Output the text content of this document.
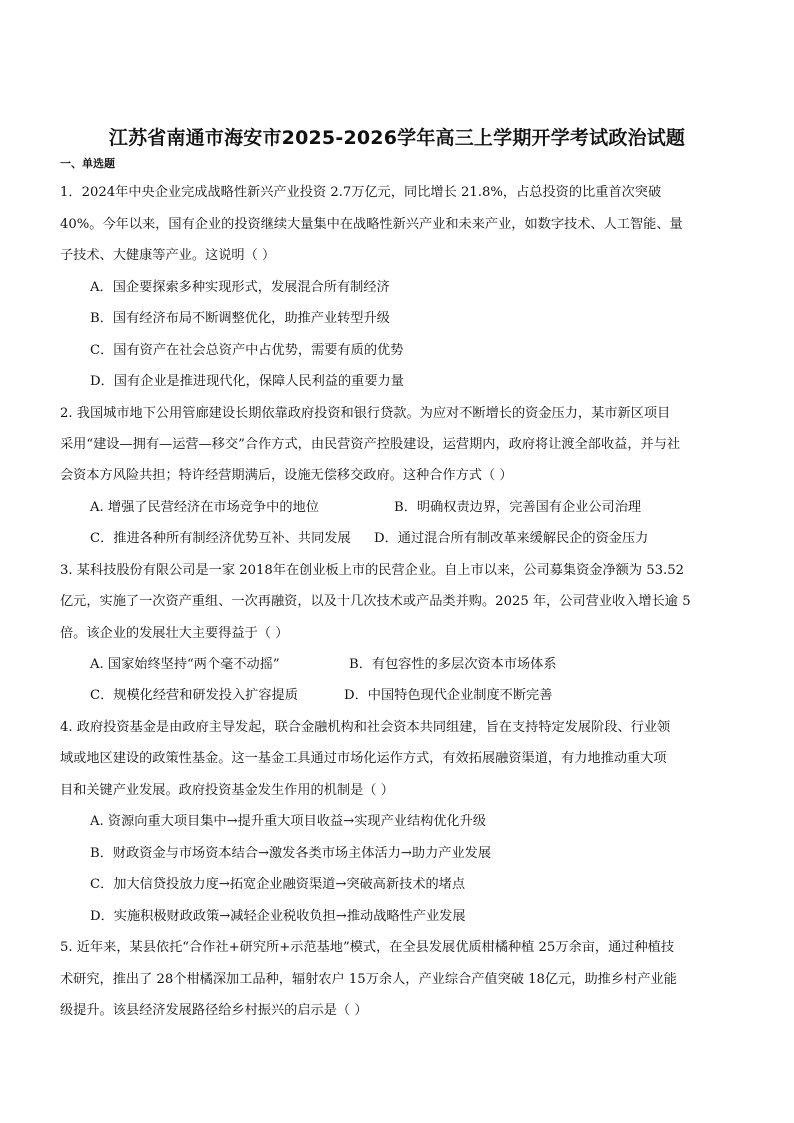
江苏省南通市海安市2025-2026学年高三上学期开学考试政治试题
一、单选题
1．2024年中央企业完成战略性新兴产业投资 2.7万亿元，同比增长 21.8%，占总投资的比重首次突破
40%。今年以来，国有企业的投资继续大量集中在战略性新兴产业和未来产业，如数字技术、人工智能、量
子技术、大健康等产业。这说明（ ）
A．国企要探索多种实现形式，发展混合所有制经济
B．国有经济布局不断调整优化，助推产业转型升级
C．国有资产在社会总资产中占优势，需要有质的优势
D．国有企业是推进现代化，保障人民利益的重要力量
2. 我国城市地下公用管廊建设长期依靠政府投资和银行贷款。为应对不断增长的资金压力，某市新区项目
采用“建设—拥有—运营—移交”合作方式，由民营资产控股建设，运营期内，政府将让渡全部收益，并与社
会资本方风险共担；特许经营期满后，设施无偿移交政府。这种合作方式（ ）
A. 增强了民营经济在市场竞争中的地位	B．明确权责边界，完善国有企业公司治理
C．推进各种所有制经济优势互补、共同发展 D．通过混合所有制改革来缓解民企的资金压力
3. 某科技股份有限公司是一家 2018年在创业板上市的民营企业。自上市以来，公司募集资金净额为 53.52
亿元，实施了一次资产重组、一次再融资，以及十几次技术或产品类并购。2025 年，公司营业收入增长逾 5
倍。该企业的发展壮大主要得益于（ ）
A. 国家始终坚持“两个毫不动摇”	B．有包容性的多层次资本市场体系
C．规模化经营和研发投入扩容提质	D．中国特色现代企业制度不断完善
4. 政府投资基金是由政府主导发起，联合金融机构和社会资本共同组建，旨在支持特定发展阶段、行业领
域或地区建设的政策性基金。这一基金工具通过市场化运作方式，有效拓展融资渠道，有力地推动重大项
目和关键产业发展。政府投资基金发生作用的机制是（ ）
A. 资源向重大项目集中→提升重大项目收益→实现产业结构优化升级
B．财政资金与市场资本结合→激发各类市场主体活力→助力产业发展
C．加大信贷投放力度→拓宽企业融资渠道→突破高新技术的堵点
D．实施积极财政政策→减轻企业税收负担→推动战略性产业发展
5. 近年来，某县依托“合作社+研究所+示范基地”模式，在全县发展优质柑橘种植 25万余亩，通过种植技
术研究，推出了 28个柑橘深加工品种，辐射农户 15万余人，产业综合产值突破 18亿元，助推乡村产业能
级提升。该县经济发展路径给乡村振兴的启示是（ ）
